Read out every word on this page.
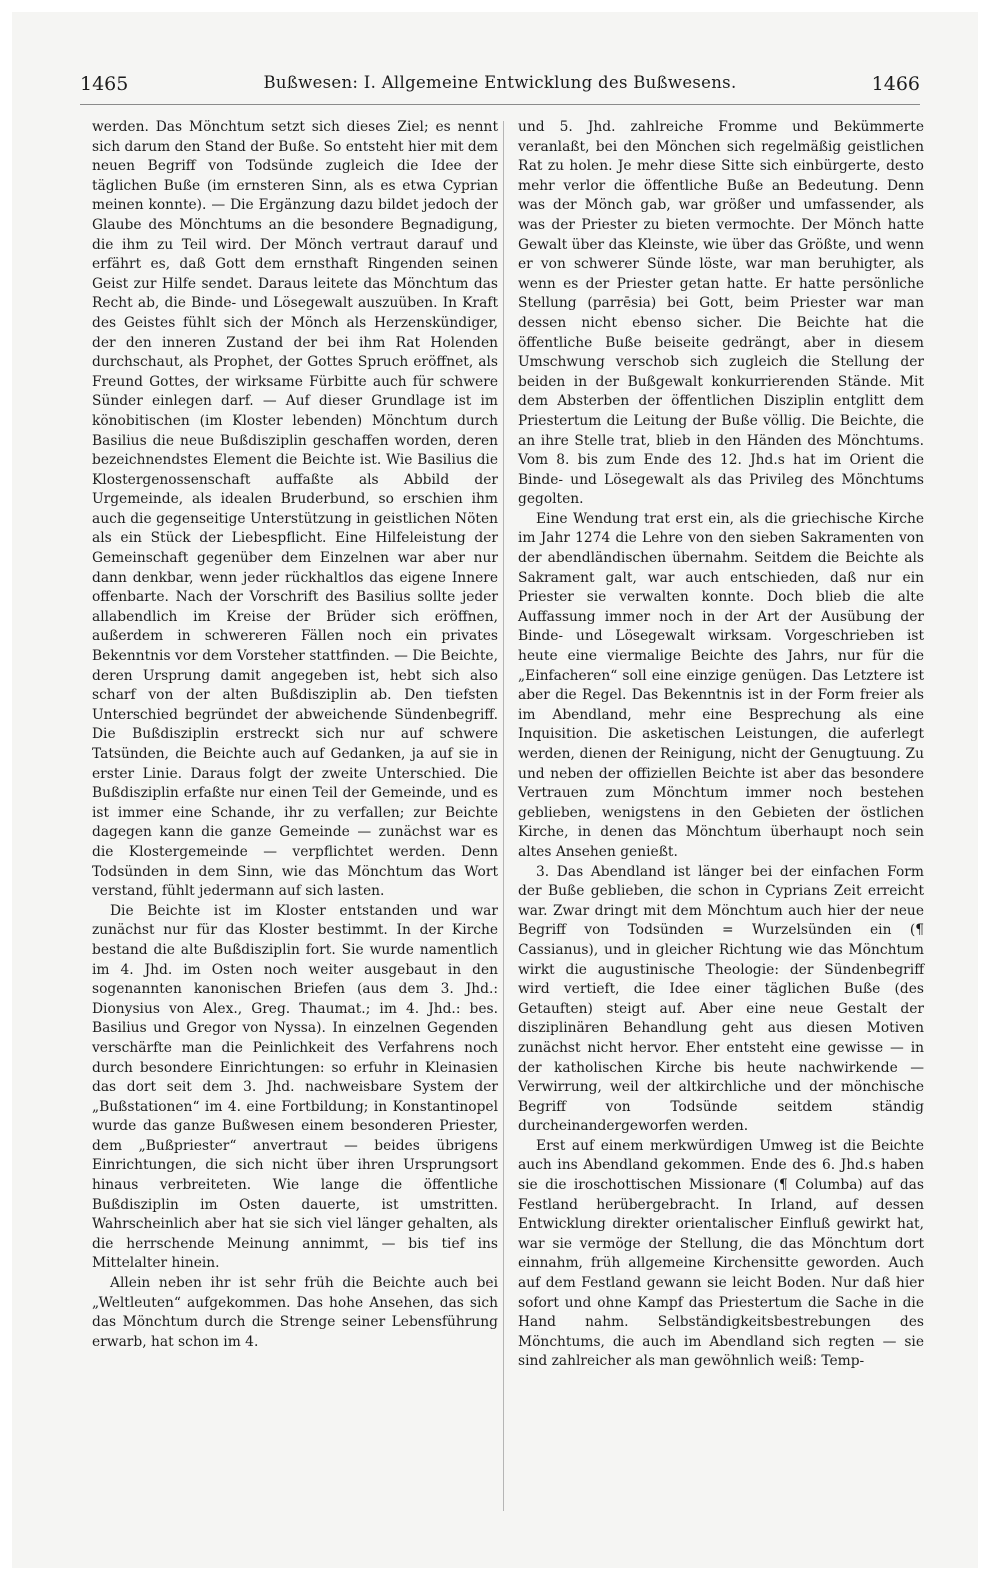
1465	Bußwesen: I. Allgemeine Entwicklung des Bußwesens.	1466

werden. Das Mönchtum setzt sich dieses Ziel; es nennt sich darum den Stand der Buße. So entsteht hier mit dem neuen Begriff von Todsünde zugleich die Idee der täglichen Buße (im ernsteren Sinn, als es etwa Cyprian meinen konnte). — Die Ergänzung dazu bildet jedoch der Glaube des Mönchtums an die besondere Begnadigung, die ihm zu Teil wird. Der Mönch vertraut darauf und erfährt es, daß Gott dem ernsthaft Ringenden seinen Geist zur Hilfe sendet. Daraus leitete das Mönchtum das Recht ab, die Binde- und Lösegewalt auszuüben. In Kraft des Geistes fühlt sich der Mönch als Herzenskündiger, der den inneren Zustand der bei ihm Rat Holenden durchschaut, als Prophet, der Gottes Spruch eröffnet, als Freund Gottes, der wirksame Fürbitte auch für schwere Sünder einlegen darf. — Auf dieser Grundlage ist im könobitischen (im Kloster lebenden) Mönchtum durch Basilius die neue Bußdisziplin geschaffen worden, deren bezeichnendstes Element die Beichte ist. Wie Basilius die Klostergenossenschaft auffaßte als Abbild der Urgemeinde, als idealen Bruderbund, so erschien ihm auch die gegenseitige Unterstützung in geistlichen Nöten als ein Stück der Liebespflicht. Eine Hilfeleistung der Gemeinschaft gegenüber dem Einzelnen war aber nur dann denkbar, wenn jeder rückhaltlos das eigene Innere offenbarte. Nach der Vorschrift des Basilius sollte jeder allabendlich im Kreise der Brüder sich eröffnen, außerdem in schwereren Fällen noch ein privates Bekenntnis vor dem Vorsteher stattfinden. — Die Beichte, deren Ursprung damit angegeben ist, hebt sich also scharf von der alten Bußdisziplin ab. Den tiefsten Unterschied begründet der abweichende Sündenbegriff. Die Bußdisziplin erstreckt sich nur auf schwere Tatsünden, die Beichte auch auf Gedanken, ja auf sie in erster Linie. Daraus folgt der zweite Unterschied. Die Bußdisziplin erfaßte nur einen Teil der Gemeinde, und es ist immer eine Schande, ihr zu verfallen; zur Beichte dagegen kann die ganze Gemeinde — zunächst war es die Klostergemeinde — verpflichtet werden. Denn Todsünden in dem Sinn, wie das Mönchtum das Wort verstand, fühlt jedermann auf sich lasten.

Die Beichte ist im Kloster entstanden und war zunächst nur für das Kloster bestimmt. In der Kirche bestand die alte Bußdisziplin fort. Sie wurde namentlich im 4. Jhd. im Osten noch weiter ausgebaut in den sogenannten kanonischen Briefen (aus dem 3. Jhd.: Dionysius von Alex., Greg. Thaumat.; im 4. Jhd.: bes. Basilius und Gregor von Nyssa). In einzelnen Gegenden verschärfte man die Peinlichkeit des Verfahrens noch durch besondere Einrichtungen: so erfuhr in Kleinasien das dort seit dem 3. Jhd. nachweisbare System der „Bußstationen“ im 4. eine Fortbildung; in Konstantinopel wurde das ganze Bußwesen einem besonderen Priester, dem „Bußpriester“ anvertraut — beides übrigens Einrichtungen, die sich nicht über ihren Ursprungsort hinaus verbreiteten. Wie lange die öffentliche Bußdisziplin im Osten dauerte, ist umstritten. Wahrscheinlich aber hat sie sich viel länger gehalten, als die herrschende Meinung annimmt, — bis tief ins Mittelalter hinein.

Allein neben ihr ist sehr früh die Beichte auch bei „Weltleuten“ aufgekommen. Das hohe Ansehen, das sich das Mönchtum durch die Strenge seiner Lebensführung erwarb, hat schon im 4.

und 5. Jhd. zahlreiche Fromme und Bekümmerte veranlaßt, bei den Mönchen sich regelmäßig geistlichen Rat zu holen. Je mehr diese Sitte sich einbürgerte, desto mehr verlor die öffentliche Buße an Bedeutung. Denn was der Mönch gab, war größer und umfassender, als was der Priester zu bieten vermochte. Der Mönch hatte Gewalt über das Kleinste, wie über das Größte, und wenn er von schwerer Sünde löste, war man beruhigter, als wenn es der Priester getan hatte. Er hatte persönliche Stellung (parrēsia) bei Gott, beim Priester war man dessen nicht ebenso sicher. Die Beichte hat die öffentliche Buße beiseite gedrängt, aber in diesem Umschwung verschob sich zugleich die Stellung der beiden in der Bußgewalt konkurrierenden Stände. Mit dem Absterben der öffentlichen Disziplin entglitt dem Priestertum die Leitung der Buße völlig. Die Beichte, die an ihre Stelle trat, blieb in den Händen des Mönchtums. Vom 8. bis zum Ende des 12. Jhd.s hat im Orient die Binde- und Lösegewalt als das Privileg des Mönchtums gegolten.

Eine Wendung trat erst ein, als die griechische Kirche im Jahr 1274 die Lehre von den sieben Sakramenten von der abendländischen übernahm. Seitdem die Beichte als Sakrament galt, war auch entschieden, daß nur ein Priester sie verwalten konnte. Doch blieb die alte Auffassung immer noch in der Art der Ausübung der Binde- und Lösegewalt wirksam. Vorgeschrieben ist heute eine viermalige Beichte des Jahrs, nur für die „Einfacheren“ soll eine einzige genügen. Das Letztere ist aber die Regel. Das Bekenntnis ist in der Form freier als im Abendland, mehr eine Besprechung als eine Inquisition. Die asketischen Leistungen, die auferlegt werden, dienen der Reinigung, nicht der Genugtuung. Zu und neben der offiziellen Beichte ist aber das besondere Vertrauen zum Mönchtum immer noch bestehen geblieben, wenigstens in den Gebieten der östlichen Kirche, in denen das Mönchtum überhaupt noch sein altes Ansehen genießt.

3. Das Abendland ist länger bei der einfachen Form der Buße geblieben, die schon in Cyprians Zeit erreicht war. Zwar dringt mit dem Mönchtum auch hier der neue Begriff von Todsünden = Wurzelsünden ein (¶ Cassianus), und in gleicher Richtung wie das Mönchtum wirkt die augustinische Theologie: der Sündenbegriff wird vertieft, die Idee einer täglichen Buße (des Getauften) steigt auf. Aber eine neue Gestalt der disziplinären Behandlung geht aus diesen Motiven zunächst nicht hervor. Eher entsteht eine gewisse — in der katholischen Kirche bis heute nachwirkende — Verwirrung, weil der altkirchliche und der mönchische Begriff von Todsünde seitdem ständig durcheinandergeworfen werden.

Erst auf einem merkwürdigen Umweg ist die Beichte auch ins Abendland gekommen. Ende des 6. Jhd.s haben sie die iroschottischen Missionare (¶ Columba) auf das Festland herübergebracht. In Irland, auf dessen Entwicklung direkter orientalischer Einfluß gewirkt hat, war sie vermöge der Stellung, die das Mönchtum dort einnahm, früh allgemeine Kirchensitte geworden. Auch auf dem Festland gewann sie leicht Boden. Nur daß hier sofort und ohne Kampf das Priestertum die Sache in die Hand nahm. Selbständigkeitsbestrebungen des Mönchtums, die auch im Abendland sich regten — sie sind zahlreicher als man gewöhnlich weiß: Temp-
